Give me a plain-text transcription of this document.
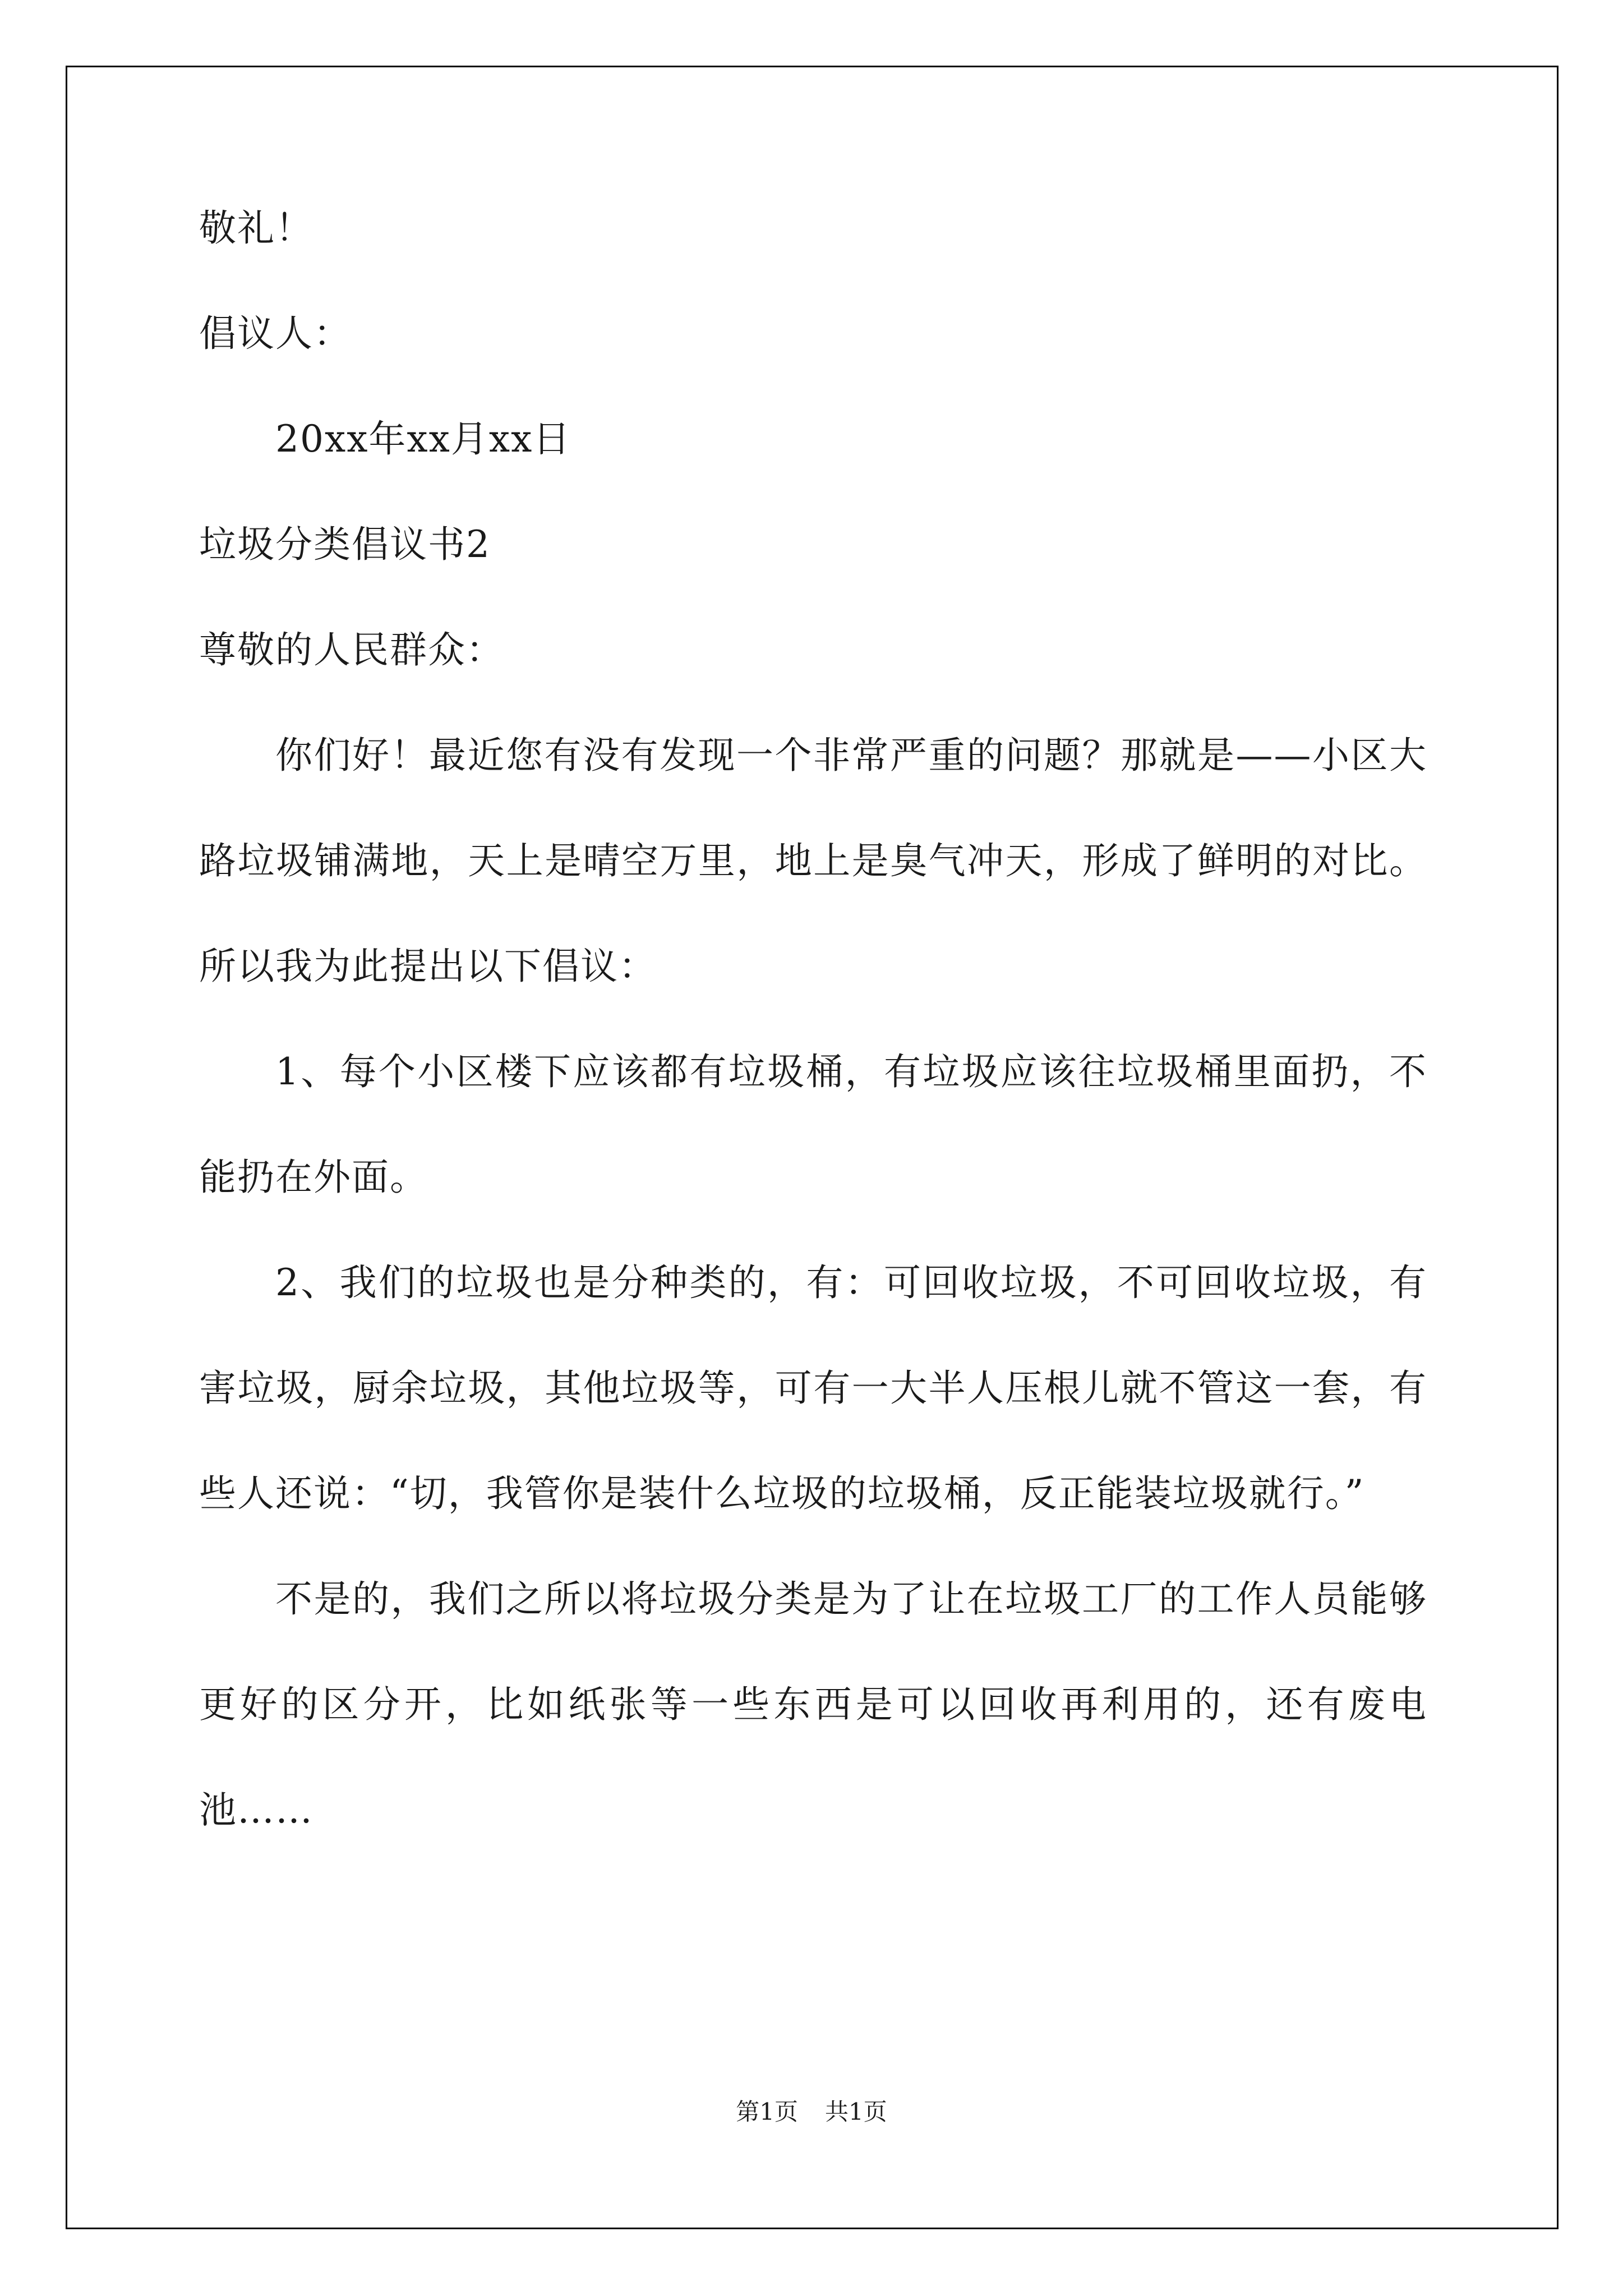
敬礼！
倡议人：
20xx年xx月xx日
垃圾分类倡议书2
尊敬的人民群众：
你们好！最近您有没有发现一个非常严重的问题？那就是——小区大路垃圾铺满地，天上是晴空万里，地上是臭气冲天，形成了鲜明的对比。所以我为此提出以下倡议：
1、每个小区楼下应该都有垃圾桶，有垃圾应该往垃圾桶里面扔，不能扔在外面。
2、我们的垃圾也是分种类的，有：可回收垃圾，不可回收垃圾，有害垃圾，厨余垃圾，其他垃圾等，可有一大半人压根儿就不管这一套，有些人还说：“切，我管你是装什么垃圾的垃圾桶，反正能装垃圾就行。”
不是的，我们之所以将垃圾分类是为了让在垃圾工厂的工作人员能够更好的区分开，比如纸张等一些东西是可以回收再利用的，还有废电池……
第1页 共1页
